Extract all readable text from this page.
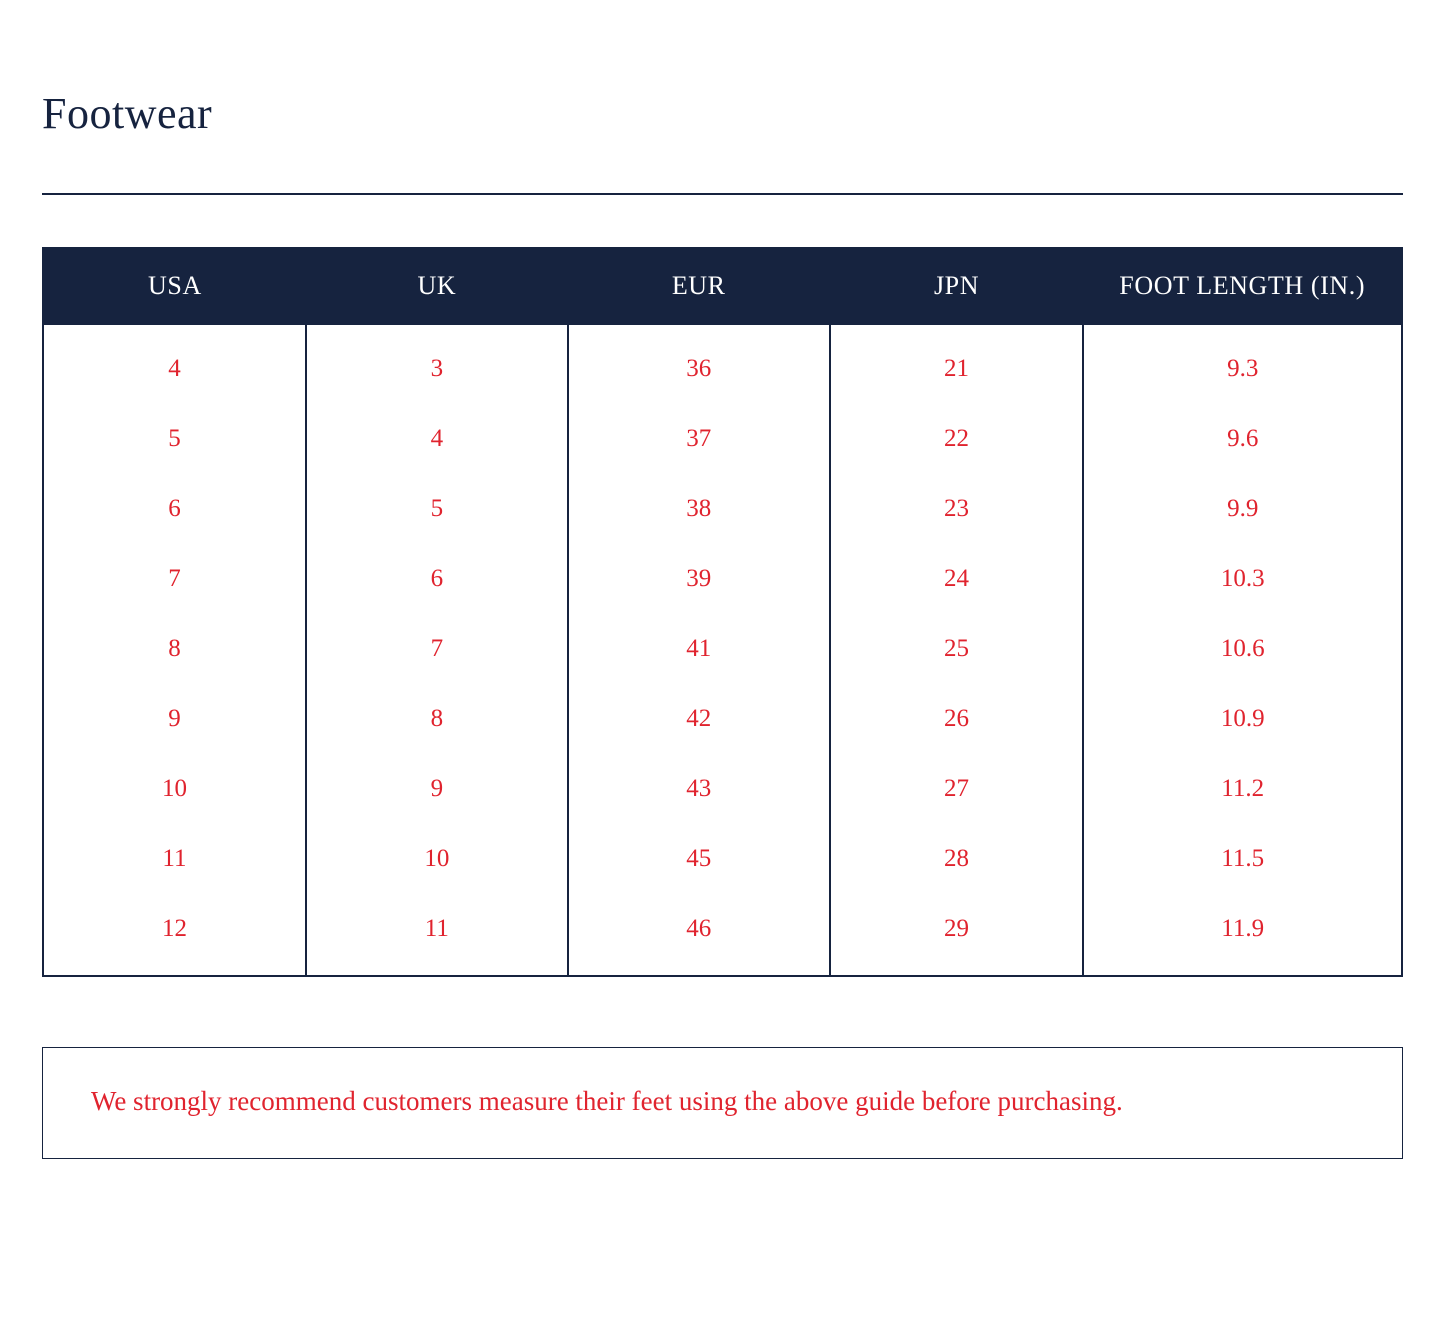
Footwear
USA	UK	EUR	JPN	FOOT LENGTH (IN.)
4	3	36	21	9.3
5	4	37	22	9.6
6	5	38	23	9.9
7	6	39	24	10.3
8	7	41	25	10.6
9	8	42	26	10.9
10	9	43	27	11.2
11	10	45	28	11.5
12	11	46	29	11.9

We strongly recommend customers measure their feet using the above guide before purchasing.
